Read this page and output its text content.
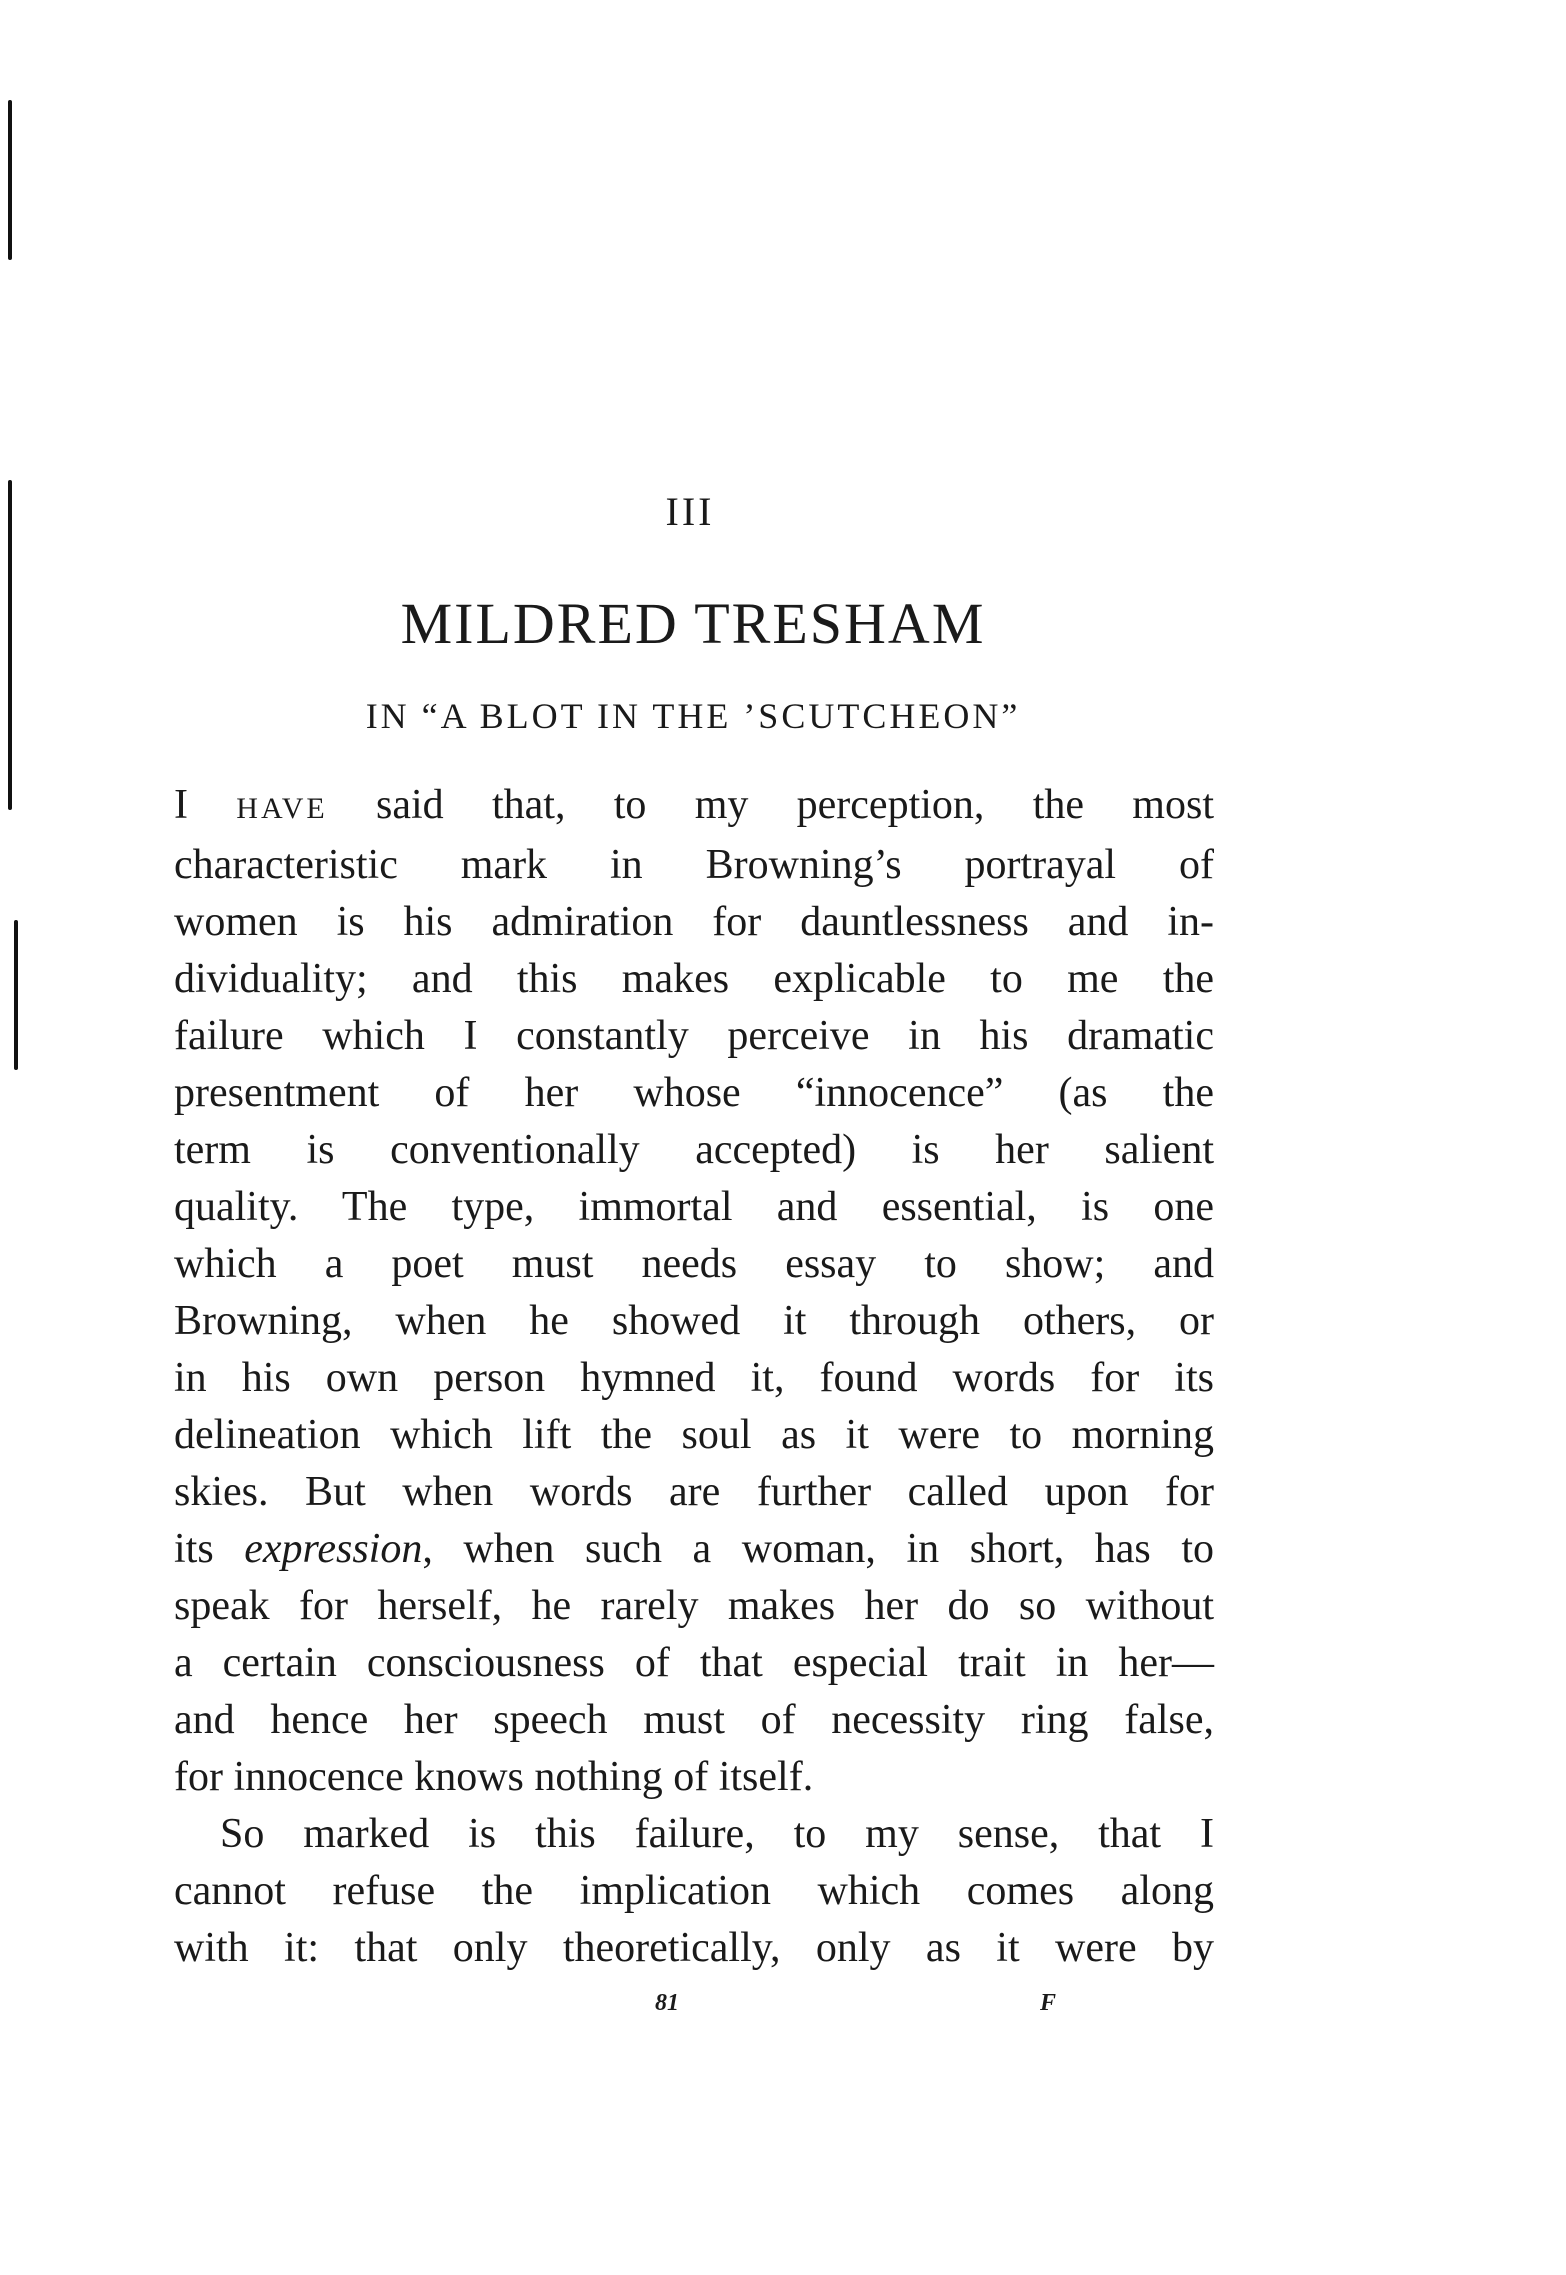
III
MILDRED TRESHAM
IN “A BLOT IN THE ’SCUTCHEON”
I HAVE said that, to my perception, the most
characteristic mark in Browning’s portrayal of
women is his admiration for dauntlessness and in-
dividuality; and this makes explicable to me the
failure which I constantly perceive in his dramatic
presentment of her whose “innocence” (as the
term is conventionally accepted) is her salient
quality. The type, immortal and essential, is one
which a poet must needs essay to show; and
Browning, when he showed it through others, or
in his own person hymned it, found words for its
delineation which lift the soul as it were to morning
skies. But when words are further called upon for
its expression, when such a woman, in short, has to
speak for herself, he rarely makes her do so without
a certain consciousness of that especial trait in her—
and hence her speech must of necessity ring false,
for innocence knows nothing of itself.
So marked is this failure, to my sense, that I
cannot refuse the implication which comes along
with it: that only theoretically, only as it were by
81	F
